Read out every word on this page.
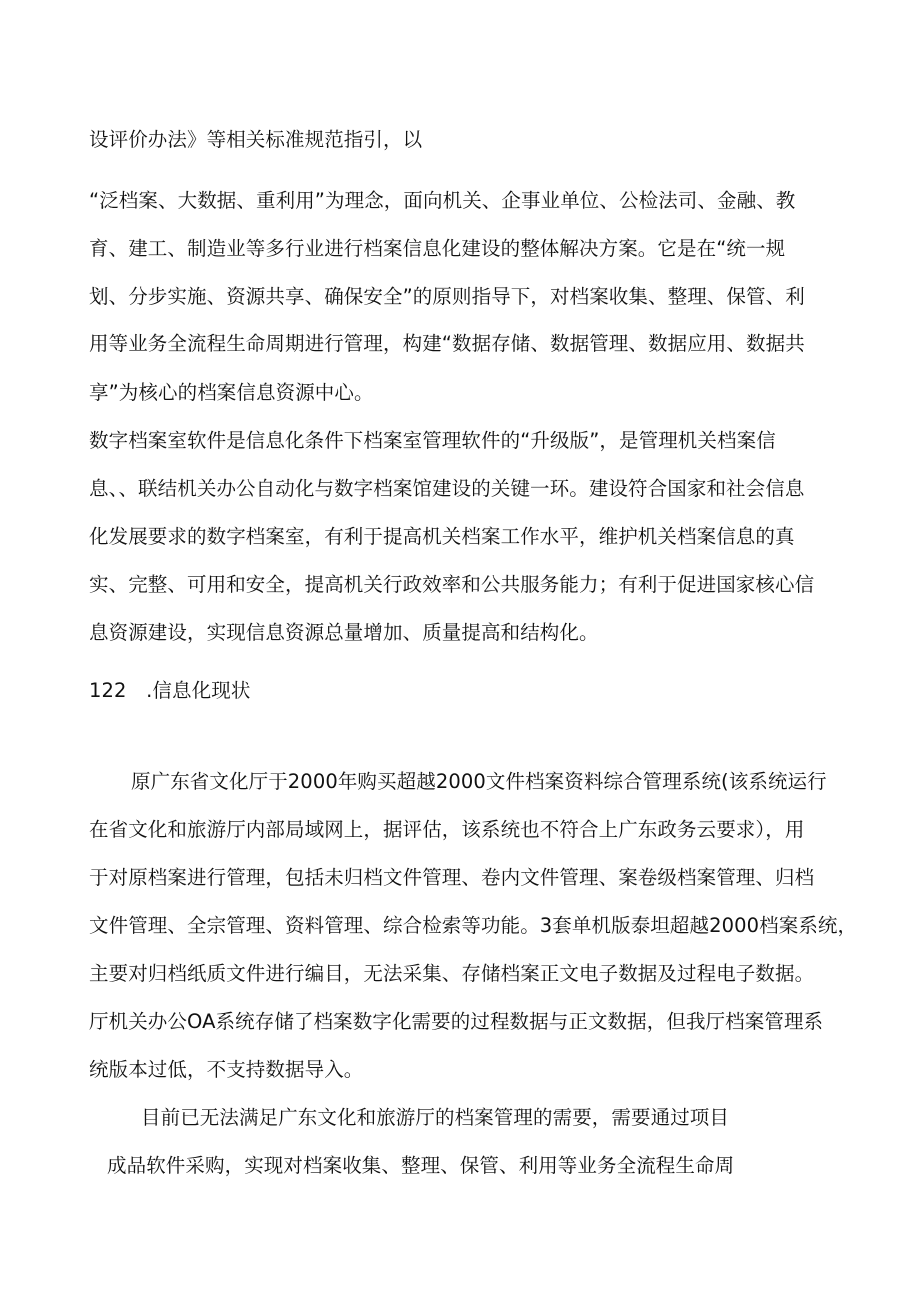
设评价办法》等相关标准规范指引，以
“泛档案、大数据、重利用”为理念，面向机关、企事业单位、公检法司、金融、教
育、建工、制造业等多行业进行档案信息化建设的整体解决方案。它是在“统一规
划、分步实施、资源共享、确保安全”的原则指导下，对档案收集、整理、保管、利
用等业务全流程生命周期进行管理，构建“数据存储、数据管理、数据应用、数据共
享”为核心的档案信息资源中心。
数字档案室软件是信息化条件下档案室管理软件的“升级版”，是管理机关档案信
息、、联结机关办公自动化与数字档案馆建设的关键一环。建设符合国家和社会信息
化发展要求的数字档案室，有利于提高机关档案工作水平，维护机关档案信息的真
实、完整、可用和安全，提高机关行政效率和公共服务能力；有利于促进国家核心信
息资源建设，实现信息资源总量增加、质量提高和结构化。
122　.信息化现状
原广东省文化厅于2000年购买超越2000文件档案资料综合管理系统(该系统运行
在省文化和旅游厅内部局域网上，据评估，该系统也不符合上广东政务云要求），用
于对原档案进行管理，包括未归档文件管理、卷内文件管理、案卷级档案管理、归档
文件管理、全宗管理、资料管理、综合检索等功能。3套单机版泰坦超越2000档案系统，
主要对归档纸质文件进行编目，无法采集、存储档案正文电子数据及过程电子数据。
厅机关办公OA系统存储了档案数字化需要的过程数据与正文数据，但我厅档案管理系
统版本过低，不支持数据导入。
目前已无法满足广东文化和旅游厅的档案管理的需要，需要通过项目
成品软件采购，实现对档案收集、整理、保管、利用等业务全流程生命周
